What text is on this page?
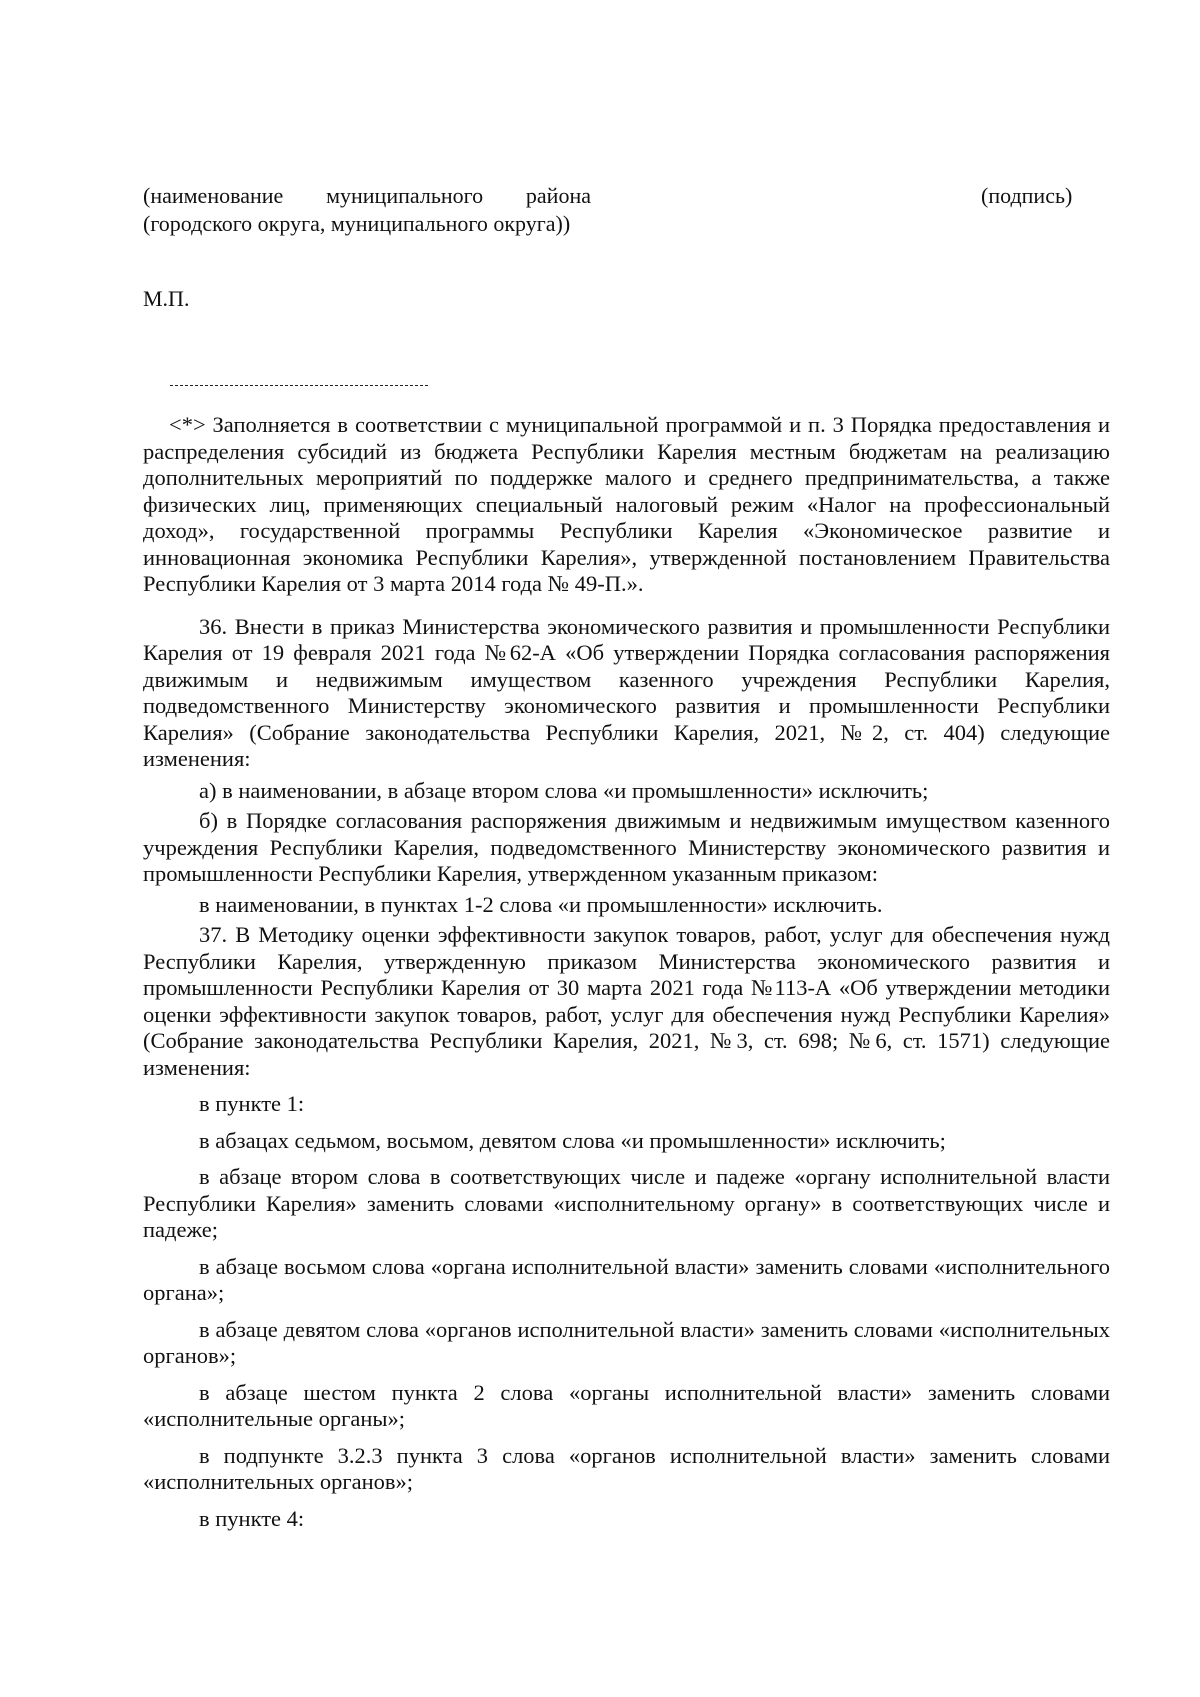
(наименование муниципального района (городского округа, муниципального округа))
(подпись)
М.П.

<*> Заполняется в соответствии с муниципальной программой и п. 3 Порядка предоставления и распределения субсидий из бюджета Республики Карелия местным бюджетам на реализацию дополнительных мероприятий по поддержке малого и среднего предпринимательства, а также физических лиц, применяющих специальный налоговый режим «Налог на профессиональный доход», государственной программы Республики Карелия «Экономическое развитие и инновационная экономика Республики Карелия», утвержденной постановлением Правительства Республики Карелия от 3 марта 2014 года № 49-П.».

36. Внести в приказ Министерства экономического развития и промышленности Республики Карелия от 19 февраля 2021 года №62-А «Об утверждении Порядка согласования распоряжения движимым и недвижимым имуществом казенного учреждения Республики Карелия, подведомственного Министерству экономического развития и промышленности Республики Карелия» (Собрание законодательства Республики Карелия, 2021, №2, ст. 404) следующие изменения:

а) в наименовании, в абзаце втором слова «и промышленности» исключить;

б) в Порядке согласования распоряжения движимым и недвижимым имуществом казенного учреждения Республики Карелия, подведомственного Министерству экономического развития и промышленности Республики Карелия, утвержденном указанным приказом:

в наименовании, в пунктах 1-2 слова «и промышленности» исключить.

37. В Методику оценки эффективности закупок товаров, работ, услуг для обеспечения нужд Республики Карелия, утвержденную приказом Министерства экономического развития и промышленности Республики Карелия от 30 марта 2021 года №113-А «Об утверждении методики оценки эффективности закупок товаров, работ, услуг для обеспечения нужд Республики Карелия» (Собрание законодательства Республики Карелия, 2021, №3, ст. 698; №6, ст. 1571) следующие изменения:

в пункте 1:

в абзацах седьмом, восьмом, девятом слова «и промышленности» исключить;

в абзаце втором слова в соответствующих числе и падеже «органу исполнительной власти Республики Карелия» заменить словами «исполнительному органу» в соответствующих числе и падеже;

в абзаце восьмом слова «органа исполнительной власти» заменить словами «исполнительного органа»;

в абзаце девятом слова «органов исполнительной власти» заменить словами «исполнительных органов»;

в абзаце шестом пункта 2 слова «органы исполнительной власти» заменить словами «исполнительные органы»;

в подпункте 3.2.3 пункта 3 слова «органов исполнительной власти» заменить словами «исполнительных органов»;

в пункте 4:
